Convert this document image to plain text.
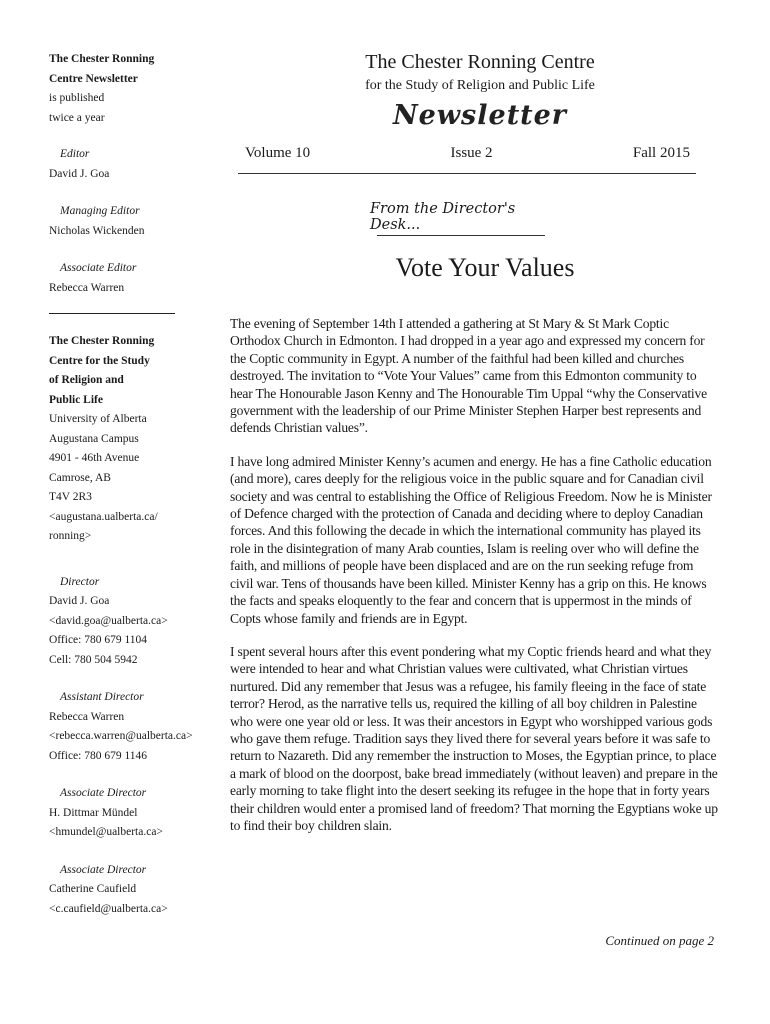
The Chester Ronning
Centre Newsletter
is published
twice a year
Editor
David J. Goa
Managing Editor
Nicholas Wickenden
Associate Editor
Rebecca Warren
The Chester Ronning
Centre for the Study
of Religion and
Public Life
University of Alberta
Augustana Campus
4901 - 46th Avenue
Camrose, AB
T4V 2R3
<augustana.ualberta.ca/
ronning>
Director
David J. Goa
<david.goa@ualberta.ca>
Office: 780 679 1104
Cell: 780 504 5942
Assistant Director
Rebecca Warren
<rebecca.warren@ualberta.ca>
Office: 780 679 1146
Associate Director
H. Dittmar Mündel
<hmundel@ualberta.ca>
Associate Director
Catherine Caufield
<c.caufield@ualberta.ca>
The Chester Ronning Centre
for the Study of Religion and Public Life
Newsletter
Volume 10	Issue 2	Fall 2015
From the Director's Desk...
Vote Your Values

The evening of September 14th I attended a gathering at St Mary & St Mark Coptic Orthodox Church in Edmonton. I had dropped in a year ago and expressed my concern for the Coptic community in Egypt. A number of the faithful had been killed and churches destroyed. The invitation to “Vote Your Values” came from this Edmonton community to hear The Honourable Jason Kenny and The Honourable Tim Uppal “why the Conservative government with the leadership of our Prime Minister Stephen Harper best represents and defends Christian values”.

I have long admired Minister Kenny’s acumen and energy. He has a fine Catholic education (and more), cares deeply for the religious voice in the public square and for Canadian civil society and was central to establishing the Office of Religious Freedom. Now he is Minister of Defence charged with the protection of Canada and deciding where to deploy Canadian forces. And this following the decade in which the international community has played its role in the disintegration of many Arab counties, Islam is reeling over who will define the faith, and millions of people have been displaced and are on the run seeking refuge from civil war. Tens of thousands have been killed. Minister Kenny has a grip on this. He knows the facts and speaks eloquently to the fear and concern that is uppermost in the minds of Copts whose family and friends are in Egypt.

I spent several hours after this event pondering what my Coptic friends heard and what they were intended to hear and what Christian values were cultivated, what Christian virtues nurtured. Did any remember that Jesus was a refugee, his family fleeing in the face of state terror? Herod, as the narrative tells us, required the killing of all boy children in Palestine who were one year old or less. It was their ancestors in Egypt who worshipped various gods who gave them refuge. Tradition says they lived there for several years before it was safe to return to Nazareth. Did any remember the instruction to Moses, the Egyptian prince, to place a mark of blood on the doorpost, bake bread immediately (without leaven) and prepare in the early morning to take flight into the desert seeking its refugee in the hope that in forty years their children would enter a promised land of freedom? That morning the Egyptians woke up to find their boy children slain.

Continued on page 2
